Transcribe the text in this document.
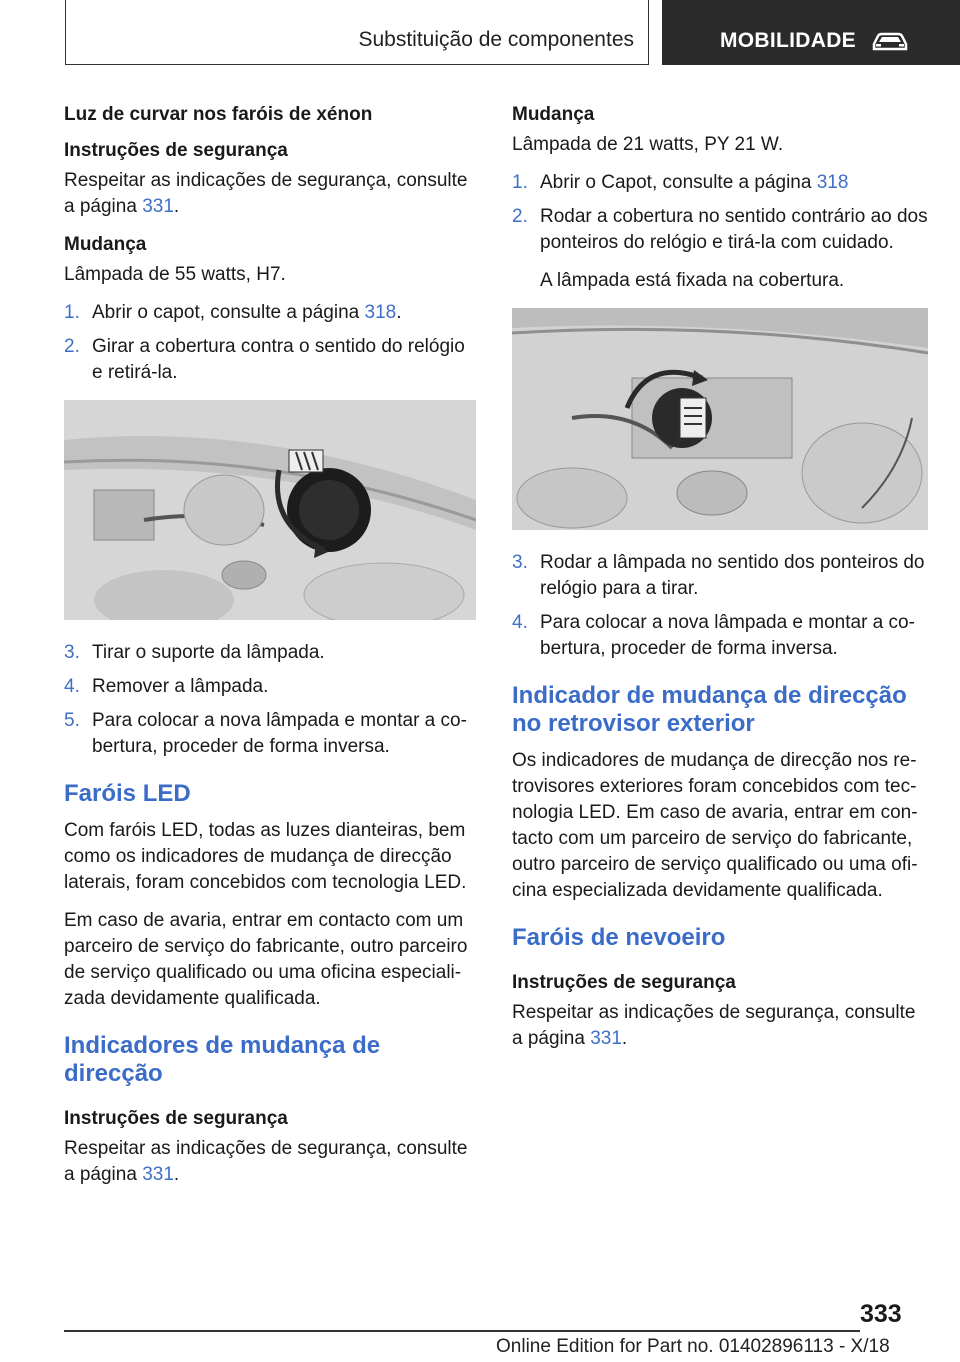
Substituição de componentes	MOBILIDADE
Luz de curvar nos faróis de xénon
Instruções de segurança

Respeitar as indicações de segurança, consulte a página 331.

Mudança

Lâmpada de 55 watts, H7.

1. Abrir o capot, consulte a página 318.
2. Girar a cobertura contra o sentido do relógio e retirá-la.
3. Tirar o suporte da lâmpada.
4. Remover a lâmpada.
5. Para colocar a nova lâmpada e montar a cobertura, proceder de forma inversa.
Faróis LED

Com faróis LED, todas as luzes dianteiras, bem como os indicadores de mudança de direcção laterais, foram concebidos com tecnologia LED.

Em caso de avaria, entrar em contacto com um parceiro de serviço do fabricante, outro parceiro de serviço qualificado ou uma oficina especializada devidamente qualificada.

Indicadores de mudança de direcção
Instruções de segurança

Respeitar as indicações de segurança, consulte a página 331.

Mudança

Lâmpada de 21 watts, PY 21 W.

1. Abrir o Capot, consulte a página 318
2. Rodar a cobertura no sentido contrário ao dos ponteiros do relógio e tirá-la com cuidado.

A lâmpada está fixada na cobertura.

3. Rodar a lâmpada no sentido dos ponteiros do relógio para a tirar.
4. Para colocar a nova lâmpada e montar a cobertura, proceder de forma inversa.
Indicador de mudança de direcção no retrovisor exterior

Os indicadores de mudança de direcção nos retrovisores exteriores foram concebidos com tecnologia LED. Em caso de avaria, entrar em contacto com um parceiro de serviço do fabricante, outro parceiro de serviço qualificado ou uma oficina especializada devidamente qualificada.

Faróis de nevoeiro
Instruções de segurança

Respeitar as indicações de segurança, consulte a página 331.

333
Online Edition for Part no. 01402896113 - X/18
